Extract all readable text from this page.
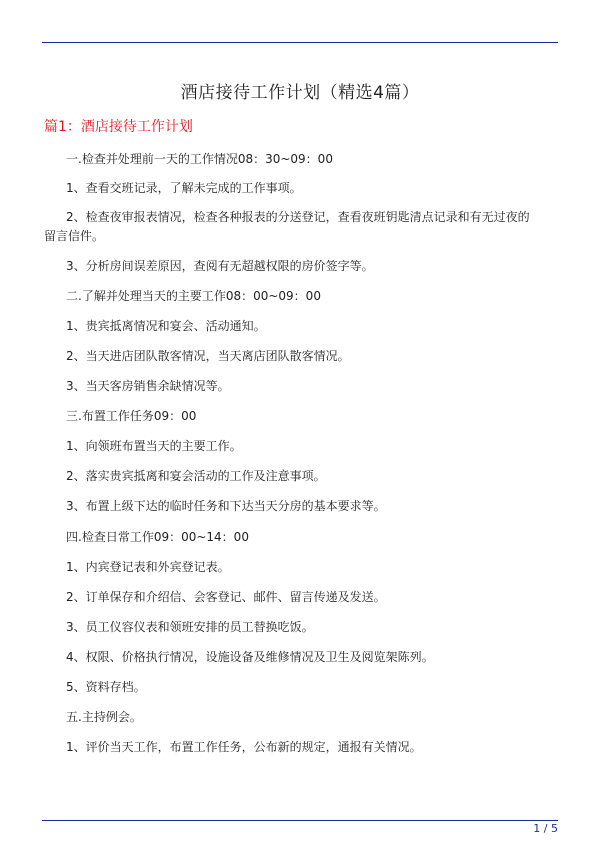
酒店接待工作计划（精选4篇）
篇1：酒店接待工作计划
一.检查并处理前一天的工作情况08：30~09：00
1、查看交班记录，了解未完成的工作事项。
2、检查夜审报表情况，检查各种报表的分送登记，查看夜班钥匙清点记录和有无过夜的留言信件。
3、分析房间误差原因，查阅有无超越权限的房价签字等。
二.了解并处理当天的主要工作08：00~09：00
1、贵宾抵离情况和宴会、活动通知。
2、当天进店团队散客情况，当天离店团队散客情况。
3、当天客房销售余缺情况等。
三.布置工作任务09：00
1、向领班布置当天的主要工作。
2、落实贵宾抵离和宴会活动的工作及注意事项。
3、布置上级下达的临时任务和下达当天分房的基本要求等。
四.检查日常工作09：00~14：00
1、内宾登记表和外宾登记表。
2、订单保存和介绍信、会客登记、邮件、留言传递及发送。
3、员工仪容仪表和领班安排的员工替换吃饭。
4、权限、价格执行情况，设施设备及维修情况及卫生及阅览架陈列。
5、资料存档。
五.主持例会。
1、评价当天工作，布置工作任务，公布新的规定，通报有关情况。
1 / 5
